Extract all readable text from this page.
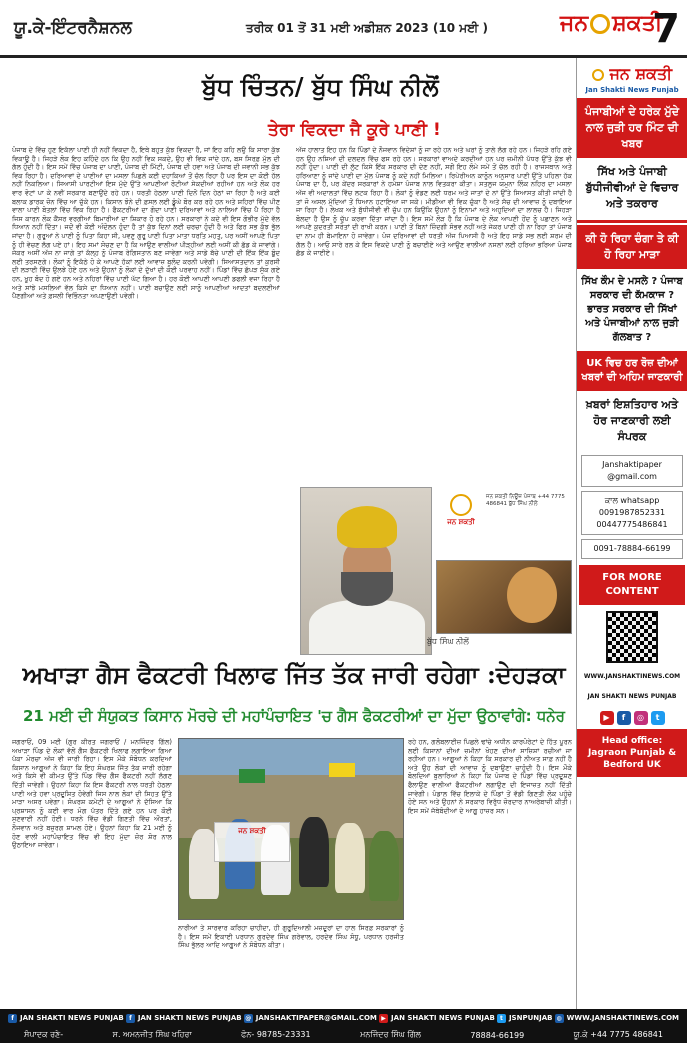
ਯੂ.ਕੇ-ਇੰਟਰਨੈਸ਼ਨਲ	ਤਰੀਕ 01 ਤੋਂ 31 ਮਈ ਅਡੀਸ਼ਨ 2023 (10 ਮਈ )	ਜਨ ਸ਼ਕਤੀ
7
ਬੁੱਧ ਚਿੰਤਨ/ ਬੁੱਧ ਸਿੰਘ ਨੀਲੋਂ
ਤੇਰਾ ਵਿਕਦਾ ਜੈ ਕੂਰੇ ਪਾਣੀ !
ਪੰਜਾਬ ਦੇ ਵਿੱਚ ਹੁਣ ਇਕੱਲਾ ਪਾਣੀ ਹੀ ਨਹੀਂ ਵਿਕਦਾ ਹੈ, ਇਥੇ ਬਹੁਤ ਕੁੱਝ ਵਿਕਦਾ ਹੈ, ਜਾਂ ਇਹ ਕਹਿ ਲਉ ਕਿ ਸਾਰਾ ਕੁੱਝ ਵਿਕਾਊ ਹੈ। ਜਿਹੜੇ ਲੋਕ ਇਹ ਕਹਿੰਦੇ ਹਨ ਕਿ ਉਹ ਨਹੀਂ ਵਿਕ ਸਕਦੇ, ਉਹ ਵੀ ਵਿਕ ਜਾਂਦੇ ਹਨ, ਬਸ ਸਿਰਫ਼ ਮੁੱਲ ਦੀ ਗੱਲ ਹੁੰਦੀ ਹੈ। ਇਸ ਸਮੇਂ ਵਿੱਚ ਪੰਜਾਬ ਦਾ ਪਾਣੀ, ਪੰਜਾਬ ਦੀ ਮਿੱਟੀ, ਪੰਜਾਬ ਦੀ ਹਵਾ ਅਤੇ ਪੰਜਾਬ ਦੀ ਜਵਾਨੀ ਸਭ ਕੁੱਝ ਵਿਕ ਰਿਹਾ ਹੈ। ਦਰਿਆਵਾਂ ਦੇ ਪਾਣੀਆਂ ਦਾ ਮਸਲਾ ਪਿਛਲੇ ਕਈ ਦਹਾਕਿਆਂ ਤੋਂ ਚੱਲ ਰਿਹਾ ਹੈ ਪਰ ਇਸ ਦਾ ਕੋਈ ਹੱਲ ਨਹੀਂ ਨਿਕਲਿਆ। ਸਿਆਸੀ ਪਾਰਟੀਆਂ ਇਸ ਮੁੱਦੇ ਉੱਤੇ ਆਪਣੀਆਂ ਰੋਟੀਆਂ ਸੇਕਦੀਆਂ ਰਹੀਆਂ ਹਨ ਅਤੇ ਲੋਕ ਹਰ ਵਾਰ ਵੋਟਾਂ ਪਾ ਕੇ ਨਵੀਂ ਸਰਕਾਰ ਬਣਾਉਂਦੇ ਰਹੇ ਹਨ। ਧਰਤੀ ਹੇਠਲਾ ਪਾਣੀ ਦਿਨੋਂ ਦਿਨ ਹੇਠਾਂ ਜਾ ਰਿਹਾ ਹੈ ਅਤੇ ਕਈ ਬਲਾਕ ਡਾਰਕ ਜ਼ੋਨ ਵਿੱਚ ਆ ਚੁੱਕੇ ਹਨ। ਕਿਸਾਨ ਝੋਨੇ ਦੀ ਫ਼ਸਲ ਲਈ ਡੂੰਘੇ ਬੋਰ ਕਰ ਰਹੇ ਹਨ ਅਤੇ ਸ਼ਹਿਰਾਂ ਵਿੱਚ ਪੀਣ ਵਾਲਾ ਪਾਣੀ ਬੋਤਲਾਂ ਵਿੱਚ ਵਿਕ ਰਿਹਾ ਹੈ। ਫੈਕਟਰੀਆਂ ਦਾ ਗੰਦਾ ਪਾਣੀ ਦਰਿਆਵਾਂ ਅਤੇ ਨਾਲਿਆਂ ਵਿੱਚ ਪੈ ਰਿਹਾ ਹੈ ਜਿਸ ਕਾਰਨ ਲੋਕ ਕੈਂਸਰ ਵਰਗੀਆਂ ਬਿਮਾਰੀਆਂ ਦਾ ਸ਼ਿਕਾਰ ਹੋ ਰਹੇ ਹਨ। ਸਰਕਾਰਾਂ ਨੇ ਕਦੇ ਵੀ ਇਸ ਗੰਭੀਰ ਮੁੱਦੇ ਵੱਲ ਧਿਆਨ ਨਹੀਂ ਦਿੱਤਾ। ਜਦੋਂ ਵੀ ਕੋਈ ਅੰਦੋਲਨ ਹੁੰਦਾ ਹੈ ਤਾਂ ਕੁੱਝ ਦਿਨਾਂ ਲਈ ਚਰਚਾ ਹੁੰਦੀ ਹੈ ਅਤੇ ਫਿਰ ਸਭ ਕੁੱਝ ਭੁੱਲ ਜਾਂਦਾ ਹੈ। ਗੁਰੂਆਂ ਨੇ ਪਾਣੀ ਨੂੰ ਪਿਤਾ ਕਿਹਾ ਸੀ, ਪਵਣੁ ਗੁਰੂ ਪਾਣੀ ਪਿਤਾ ਮਾਤਾ ਧਰਤਿ ਮਹਤੁ, ਪਰ ਅਸੀਂ ਆਪਣੇ ਪਿਤਾ ਨੂੰ ਹੀ ਵੇਚਣ ਲੱਗ ਪਏ ਹਾਂ। ਇਹ ਸਮਾਂ ਸੋਚਣ ਦਾ ਹੈ ਕਿ ਆਉਣ ਵਾਲੀਆਂ ਪੀੜ੍ਹੀਆਂ ਲਈ ਅਸੀਂ ਕੀ ਛੱਡ ਕੇ ਜਾਵਾਂਗੇ। ਜੇਕਰ ਅਸੀਂ ਅੱਜ ਨਾ ਜਾਗੇ ਤਾਂ ਕੱਲ੍ਹ ਨੂੰ ਪੰਜਾਬ ਰੇਗਿਸਤਾਨ ਬਣ ਜਾਵੇਗਾ ਅਤੇ ਸਾਡੇ ਬੱਚੇ ਪਾਣੀ ਦੀ ਇੱਕ ਇੱਕ ਬੂੰਦ ਲਈ ਤਰਸਣਗੇ। ਲੋਕਾਂ ਨੂੰ ਇਕੱਠੇ ਹੋ ਕੇ ਆਪਣੇ ਹੱਕਾਂ ਲਈ ਆਵਾਜ਼ ਬੁਲੰਦ ਕਰਨੀ ਪਵੇਗੀ। ਸਿਆਸਤਦਾਨ ਤਾਂ ਕੁਰਸੀ ਦੀ ਲੜਾਈ ਵਿੱਚ ਉਲਝੇ ਹੋਏ ਹਨ ਅਤੇ ਉਹਨਾਂ ਨੂੰ ਲੋਕਾਂ ਦੇ ਦੁੱਖਾਂ ਦੀ ਕੋਈ ਪਰਵਾਹ ਨਹੀਂ। ਪਿੰਡਾਂ ਵਿੱਚ ਛੱਪੜ ਸੁੱਕ ਗਏ ਹਨ, ਖੂਹ ਬੰਦ ਹੋ ਗਏ ਹਨ ਅਤੇ ਨਹਿਰਾਂ ਵਿੱਚ ਪਾਣੀ ਘੱਟ ਗਿਆ ਹੈ। ਹਰ ਕੋਈ ਆਪਣੀ ਆਪਣੀ ਡਫਲੀ ਵਜਾ ਰਿਹਾ ਹੈ ਅਤੇ ਸਾਂਝੇ ਮਸਲਿਆਂ ਵੱਲ ਕਿਸੇ ਦਾ ਧਿਆਨ ਨਹੀਂ। ਪਾਣੀ ਬਚਾਉਣ ਲਈ ਸਾਨੂੰ ਆਪਣੀਆਂ ਆਦਤਾਂ ਬਦਲਣੀਆਂ ਪੈਣਗੀਆਂ ਅਤੇ ਫ਼ਸਲੀ ਵਿਭਿੰਨਤਾ ਅਪਣਾਉਣੀ ਪਵੇਗੀ।
ਅੱਜ ਹਾਲਾਤ ਇਹ ਹਨ ਕਿ ਪਿੰਡਾਂ ਦੇ ਨੌਜਵਾਨ ਵਿਦੇਸ਼ਾਂ ਨੂੰ ਜਾ ਰਹੇ ਹਨ ਅਤੇ ਘਰਾਂ ਨੂੰ ਤਾਲੇ ਲੱਗ ਰਹੇ ਹਨ। ਜਿਹੜੇ ਰਹਿ ਗਏ ਹਨ ਉਹ ਨਸ਼ਿਆਂ ਦੀ ਦਲਦਲ ਵਿੱਚ ਫਸ ਰਹੇ ਹਨ। ਸਰਕਾਰਾਂ ਵਾਅਦੇ ਕਰਦੀਆਂ ਹਨ ਪਰ ਜ਼ਮੀਨੀ ਪੱਧਰ ਉੱਤੇ ਕੁੱਝ ਵੀ ਨਹੀਂ ਹੁੰਦਾ। ਪਾਣੀ ਦੀ ਲੁੱਟ ਕਿਸੇ ਇੱਕ ਸਰਕਾਰ ਦੀ ਦੇਣ ਨਹੀਂ, ਸਗੋਂ ਇਹ ਲੰਮੇ ਸਮੇਂ ਤੋਂ ਚੱਲ ਰਹੀ ਹੈ। ਰਾਜਸਥਾਨ ਅਤੇ ਹਰਿਆਣਾ ਨੂੰ ਜਾਂਦੇ ਪਾਣੀ ਦਾ ਮੁੱਲ ਪੰਜਾਬ ਨੂੰ ਕਦੇ ਨਹੀਂ ਮਿਲਿਆ। ਰਿਪੇਰੀਅਨ ਕਾਨੂੰਨ ਅਨੁਸਾਰ ਪਾਣੀ ਉੱਤੇ ਪਹਿਲਾ ਹੱਕ ਪੰਜਾਬ ਦਾ ਹੈ, ਪਰ ਕੇਂਦਰ ਸਰਕਾਰਾਂ ਨੇ ਹਮੇਸ਼ਾ ਪੰਜਾਬ ਨਾਲ ਵਿਤਕਰਾ ਕੀਤਾ। ਸਤਲੁਜ ਯਮੁਨਾ ਲਿੰਕ ਨਹਿਰ ਦਾ ਮਸਲਾ ਅੱਜ ਵੀ ਅਦਾਲਤਾਂ ਵਿੱਚ ਲਟਕ ਰਿਹਾ ਹੈ। ਲੋਕਾਂ ਨੂੰ ਵੰਡਣ ਲਈ ਧਰਮ ਅਤੇ ਜਾਤਾਂ ਦੇ ਨਾਂ ਉੱਤੇ ਸਿਆਸਤ ਕੀਤੀ ਜਾਂਦੀ ਹੈ ਤਾਂ ਜੋ ਅਸਲ ਮੁੱਦਿਆਂ ਤੋਂ ਧਿਆਨ ਹਟਾਇਆ ਜਾ ਸਕੇ। ਮੀਡੀਆ ਵੀ ਵਿਕ ਚੁੱਕਾ ਹੈ ਅਤੇ ਸੱਚ ਦੀ ਆਵਾਜ਼ ਨੂੰ ਦਬਾਇਆ ਜਾ ਰਿਹਾ ਹੈ। ਲੇਖਕ ਅਤੇ ਬੁੱਧੀਜੀਵੀ ਵੀ ਚੁੱਪ ਹਨ ਕਿਉਂਕਿ ਉਹਨਾਂ ਨੂੰ ਇਨਾਮਾਂ ਅਤੇ ਅਹੁਦਿਆਂ ਦਾ ਲਾਲਚ ਹੈ। ਜਿਹੜਾ ਬੋਲਦਾ ਹੈ ਉਸ ਨੂੰ ਚੁੱਪ ਕਰਵਾ ਦਿੱਤਾ ਜਾਂਦਾ ਹੈ। ਇਸ ਸਮੇਂ ਲੋੜ ਹੈ ਕਿ ਪੰਜਾਬ ਦੇ ਲੋਕ ਆਪਣੀ ਹੋਂਦ ਨੂੰ ਪਛਾਣਨ ਅਤੇ ਆਪਣੇ ਕੁਦਰਤੀ ਸਰੋਤਾਂ ਦੀ ਰਾਖੀ ਕਰਨ। ਪਾਣੀ ਤੋਂ ਬਿਨਾਂ ਜ਼ਿੰਦਗੀ ਸੰਭਵ ਨਹੀਂ ਅਤੇ ਜੇਕਰ ਪਾਣੀ ਹੀ ਨਾ ਰਿਹਾ ਤਾਂ ਪੰਜਾਬ ਦਾ ਨਾਮ ਹੀ ਬੇਮਾਇਨਾ ਹੋ ਜਾਵੇਗਾ। ਪੰਜ ਦਰਿਆਵਾਂ ਦੀ ਧਰਤੀ ਅੱਜ ਪਿਆਸੀ ਹੈ ਅਤੇ ਇਹ ਸਾਡੇ ਸਭ ਲਈ ਸ਼ਰਮ ਦੀ ਗੱਲ ਹੈ। ਆਓ ਸਾਰੇ ਰਲ ਕੇ ਇਸ ਵਿਕਦੇ ਪਾਣੀ ਨੂੰ ਬਚਾਈਏ ਅਤੇ ਆਉਣ ਵਾਲੀਆਂ ਨਸਲਾਂ ਲਈ ਹਰਿਆ ਭਰਿਆ ਪੰਜਾਬ ਛੱਡ ਕੇ ਜਾਈਏ।
ਜਨ ਸ਼ਕਤੀ
ਜਨ ਸ਼ਕਤੀ ਨਿਊਜ਼ ਪੰਜਾਬ +44 7775 486841 ਬੁੱਧ ਸਿੰਘ ਨੀਲੋਂ
ਬੁੱਧ ਸਿੰਘ ਨੀਲੋਂ
ਅਖਾੜਾ ਗੈਸ ਫੈਕਟਰੀ ਖਿਲਾਫ ਜਿੱਤ ਤੱਕ ਜਾਰੀ ਰਹੇਗਾ :ਦੇਹੜਕਾ
21 ਮਈ ਦੀ ਸੰਯੁਕਤ ਕਿਸਾਨ ਮੋਰਚੇ ਦੀ ਮਹਾਂਪੰਚਾਇਤ 'ਚ ਗੈਸ ਫੈਕਟਰੀਆਂ ਦਾ ਮੁੱਦਾ ਉਠਾਵਾਂਗੇ: ਧਨੇਰ
ਜਗਰਾਓਂ, 09 ਮਈ (ਗੁਰ ਕੀਰਤ ਜਗਰਾਓਂ / ਮਨਜਿੰਦਰ ਗਿੱਲ) ਅਖਾੜਾ ਪਿੰਡ ਦੇ ਲੋਕਾਂ ਵੱਲੋਂ ਗੈਸ ਫੈਕਟਰੀ ਖਿਲਾਫ ਲਗਾਇਆ ਗਿਆ ਪੱਕਾ ਮੋਰਚਾ ਅੱਜ ਵੀ ਜਾਰੀ ਰਿਹਾ। ਇਸ ਮੌਕੇ ਸੰਬੋਧਨ ਕਰਦਿਆਂ ਕਿਸਾਨ ਆਗੂਆਂ ਨੇ ਕਿਹਾ ਕਿ ਇਹ ਸੰਘਰਸ਼ ਜਿੱਤ ਤੱਕ ਜਾਰੀ ਰਹੇਗਾ ਅਤੇ ਕਿਸੇ ਵੀ ਕੀਮਤ ਉੱਤੇ ਪਿੰਡ ਵਿੱਚ ਗੈਸ ਫੈਕਟਰੀ ਨਹੀਂ ਲੱਗਣ ਦਿੱਤੀ ਜਾਵੇਗੀ। ਉਹਨਾਂ ਕਿਹਾ ਕਿ ਇਸ ਫੈਕਟਰੀ ਨਾਲ ਧਰਤੀ ਹੇਠਲਾ ਪਾਣੀ ਅਤੇ ਹਵਾ ਪ੍ਰਦੂਸ਼ਿਤ ਹੋਵੇਗੀ ਜਿਸ ਨਾਲ ਲੋਕਾਂ ਦੀ ਸਿਹਤ ਉੱਤੇ ਮਾੜਾ ਅਸਰ ਪਵੇਗਾ। ਸੰਘਰਸ਼ ਕਮੇਟੀ ਦੇ ਆਗੂਆਂ ਨੇ ਦੱਸਿਆ ਕਿ ਪ੍ਰਸ਼ਾਸਨ ਨੂੰ ਕਈ ਵਾਰ ਮੰਗ ਪੱਤਰ ਦਿੱਤੇ ਗਏ ਹਨ ਪਰ ਕੋਈ ਸੁਣਵਾਈ ਨਹੀਂ ਹੋਈ। ਧਰਨੇ ਵਿੱਚ ਵੱਡੀ ਗਿਣਤੀ ਵਿੱਚ ਔਰਤਾਂ, ਨੌਜਵਾਨ ਅਤੇ ਬਜ਼ੁਰਗ ਸ਼ਾਮਲ ਹੋਏ। ਉਹਨਾਂ ਕਿਹਾ ਕਿ 21 ਮਈ ਨੂੰ ਹੋਣ ਵਾਲੀ ਮਹਾਂਪੰਚਾਇਤ ਵਿੱਚ ਵੀ ਇਹ ਮੁੱਦਾ ਜ਼ੋਰ ਸ਼ੋਰ ਨਾਲ ਉਠਾਇਆ ਜਾਵੇਗਾ।
ਜਨ ਸ਼ਕਤੀ
ਨਾਰੀਆਂ ਤੇ ਸਾਰਵਾਰ ਕਰਿਹਾ ਚਾਹੀਦਾ, ਹੀ ਗੁਰੂਦਿਆਲੀ ਮਜ਼ਦੂਰਾਂ ਦਾ ਹਾਲ ਸਿਰਫ਼ ਸਰਕਾਰਾਂ ਨੂੰ ਹੈ। ਇਸ ਸਮੇਂ ਇਕਾਈ ਪਰਧਾਨ ਗੁਰਦੇਵ ਸਿੰਘ ਗਰੇਵਾਲ, ਹਰਦੇਵ ਸਿੰਘ ਸੰਧੂ, ਪਰਧਾਨ ਹਰਜੀਤ ਸਿੰਘ ਭੁੱਲਰ ਆਦਿ ਆਗੂਆਂ ਨੇ ਸੰਬੋਧਨ ਕੀਤਾ।
ਰਹੇ ਹਨ, ਗਲੋਬਲਾਈਜ਼ ਪਿਛਲੇ ਢਾਂਚੇ ਅਧੀਨ ਕਾਰਪੋਰੇਟਾਂ ਦੇ ਹਿੱਤ ਪੂਰਨ ਲਈ ਕਿਸਾਨਾਂ ਦੀਆਂ ਜ਼ਮੀਨਾਂ ਖੋਹਣ ਦੀਆਂ ਸਾਜ਼ਿਸ਼ਾਂ ਰਚੀਆਂ ਜਾ ਰਹੀਆਂ ਹਨ। ਆਗੂਆਂ ਨੇ ਕਿਹਾ ਕਿ ਸਰਕਾਰ ਦੀ ਨੀਅਤ ਸਾਫ਼ ਨਹੀਂ ਹੈ ਅਤੇ ਉਹ ਲੋਕਾਂ ਦੀ ਆਵਾਜ਼ ਨੂੰ ਦਬਾਉਣਾ ਚਾਹੁੰਦੀ ਹੈ। ਇਸ ਮੌਕੇ ਬੋਲਦਿਆਂ ਬੁਲਾਰਿਆਂ ਨੇ ਕਿਹਾ ਕਿ ਪੰਜਾਬ ਦੇ ਪਿੰਡਾਂ ਵਿੱਚ ਪ੍ਰਦੂਸ਼ਣ ਫੈਲਾਉਣ ਵਾਲੀਆਂ ਫੈਕਟਰੀਆਂ ਲਗਾਉਣ ਦੀ ਇਜਾਜ਼ਤ ਨਹੀਂ ਦਿੱਤੀ ਜਾਵੇਗੀ। ਪੰਡਾਲ ਵਿੱਚ ਇਲਾਕੇ ਦੇ ਪਿੰਡਾਂ ਤੋਂ ਵੱਡੀ ਗਿਣਤੀ ਲੋਕ ਪਹੁੰਚੇ ਹੋਏ ਸਨ ਅਤੇ ਉਹਨਾਂ ਨੇ ਸਰਕਾਰ ਵਿਰੁੱਧ ਜ਼ੋਰਦਾਰ ਨਾਅਰੇਬਾਜ਼ੀ ਕੀਤੀ। ਇਸ ਸਮੇਂ ਜੱਥੇਬੰਦੀਆਂ ਦੇ ਆਗੂ ਹਾਜ਼ਰ ਸਨ।
ਜਨ ਸ਼ਕਤੀ
Jan Shakti News Punjab
ਪੰਜਾਬੀਆਂ ਦੇ ਹਰੇਕ ਮੁੱਦੇ ਨਾਲ ਜੁੜੀ ਹਰ ਮਿੰਟ ਦੀ ਖਬਰ
ਸਿੱਖ ਅਤੇ ਪੰਜਾਬੀ ਬੁੱਧੀਜੀਵੀਆਂ ਦੇ ਵਿਚਾਰ ਅਤੇ ਤਕਰਾਰ
ਕੀ ਹੋ ਰਿਹਾ ਚੰਗਾ ਤੇ ਕੀ ਹੋ ਰਿਹਾ ਮਾੜਾ
ਸਿੱਖ ਕੌਮ ਦੇ ਮਸਲੇ ? ਪੰਜਾਬ ਸਰਕਾਰ ਦੀ ਕੱਮਕਾਜ ? ਭਾਰਤ ਸਰਕਾਰ ਦੀ ਸਿੱਖਾਂ ਅਤੇ ਪੰਜਾਬੀਆਂ ਨਾਲ ਜੁੜੀ ਗੱਲਬਾਤ ?
UK ਵਿਚ ਹਰ ਰੋਜ਼ ਦੀਆਂ ਖਬਰਾਂ ਦੀ ਅਹਿਮ ਜਾਣਕਾਰੀ
ਖ਼ਬਰਾਂ ਇਸ਼ਤਿਹਾਰ ਅਤੇ ਹੋਰ ਜਾਣਕਾਰੀ ਲਈ ਸੰਪਰਕ
Janshaktipaper @gmail.com
ਕਾਲ whatsapp
0091987852331
00447775486841
0091-78884-66199
FOR MORE CONTENT
WWW.JANSHAKTINEWS.COM
JAN SHAKTI NEWS PUNJAB
▶	f	◎	t
Head office: Jagraon Punjab & Bedford UK
f JAN SHAKTI NEWS PUNJAB f JAN SHAKTI NEWS PUNJAB @ JANSHAKTIPAPER@GMAIL.COM ▶ JAN SHAKTI NEWS PUNJAB t JSNPUNJAB ◍ WWW.JANSHAKTINEWS.COM
ਸੰਪਾਦਕ ਰਣੇ-	ਸ. ਅਮਨਜੀਤ ਸਿੰਘ ਖਹਿਰਾ	ਫੋਨ- 98785-23331	ਮਨਜਿੰਦਰ ਸਿੰਘ ਗਿੱਲ	78884-66199	ਯੂ.ਕੇ +44 7775 486841
